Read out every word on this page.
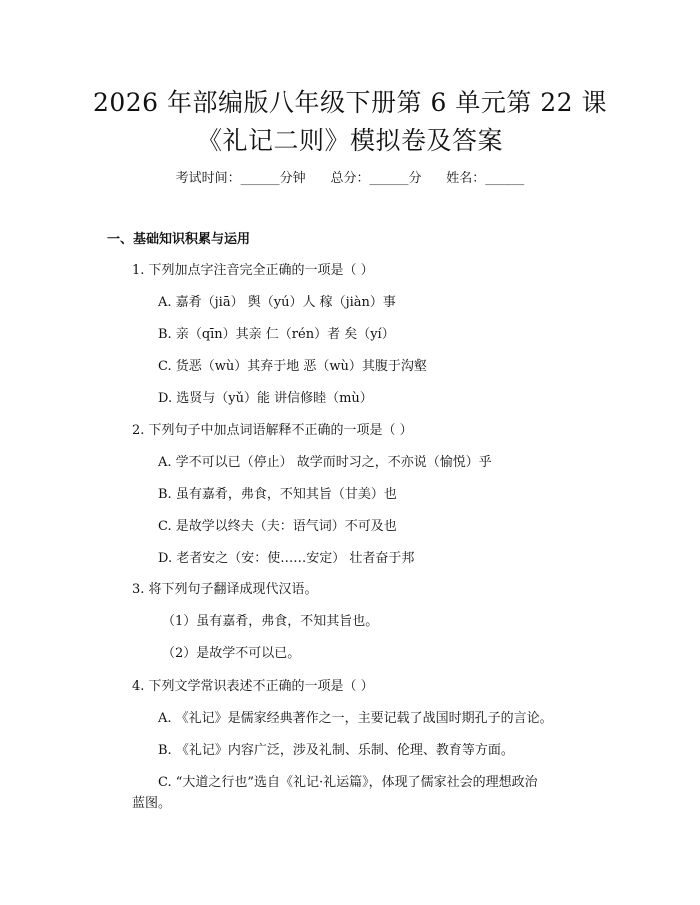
2026 年部编版八年级下册第 6 单元第 22 课
《礼记二则》模拟卷及答案
考试时间：______分钟 总分：______分 姓名：______
一、基础知识积累与运用
1. 下列加点字注音完全正确的一项是（ ）
A. 嘉肴（jiā） 舆（yú）人 稼（jiàn）事
B. 亲（qīn）其亲 仁（rén）者 矣（yí）
C. 货恶（wù）其弃于地 恶（wù）其腹于沟壑
D. 选贤与（yǔ）能 讲信修睦（mù）
2. 下列句子中加点词语解释不正确的一项是（ ）
A. 学不可以已（停止） 故学而时习之，不亦说（愉悦）乎
B. 虽有嘉肴，弗食，不知其旨（甘美）也
C. 是故学以终夫（夫：语气词）不可及也
D. 老者安之（安：使……安定） 壮者奋于邦
3. 将下列句子翻译成现代汉语。
（1）虽有嘉肴，弗食，不知其旨也。
（2）是故学不可以已。
4. 下列文学常识表述不正确的一项是（ ）
A. 《礼记》是儒家经典著作之一，主要记载了战国时期孔子的言论。
B. 《礼记》内容广泛，涉及礼制、乐制、伦理、教育等方面。
C. “大道之行也”选自《礼记·礼运篇》，体现了儒家社会的理想政治
蓝图。
